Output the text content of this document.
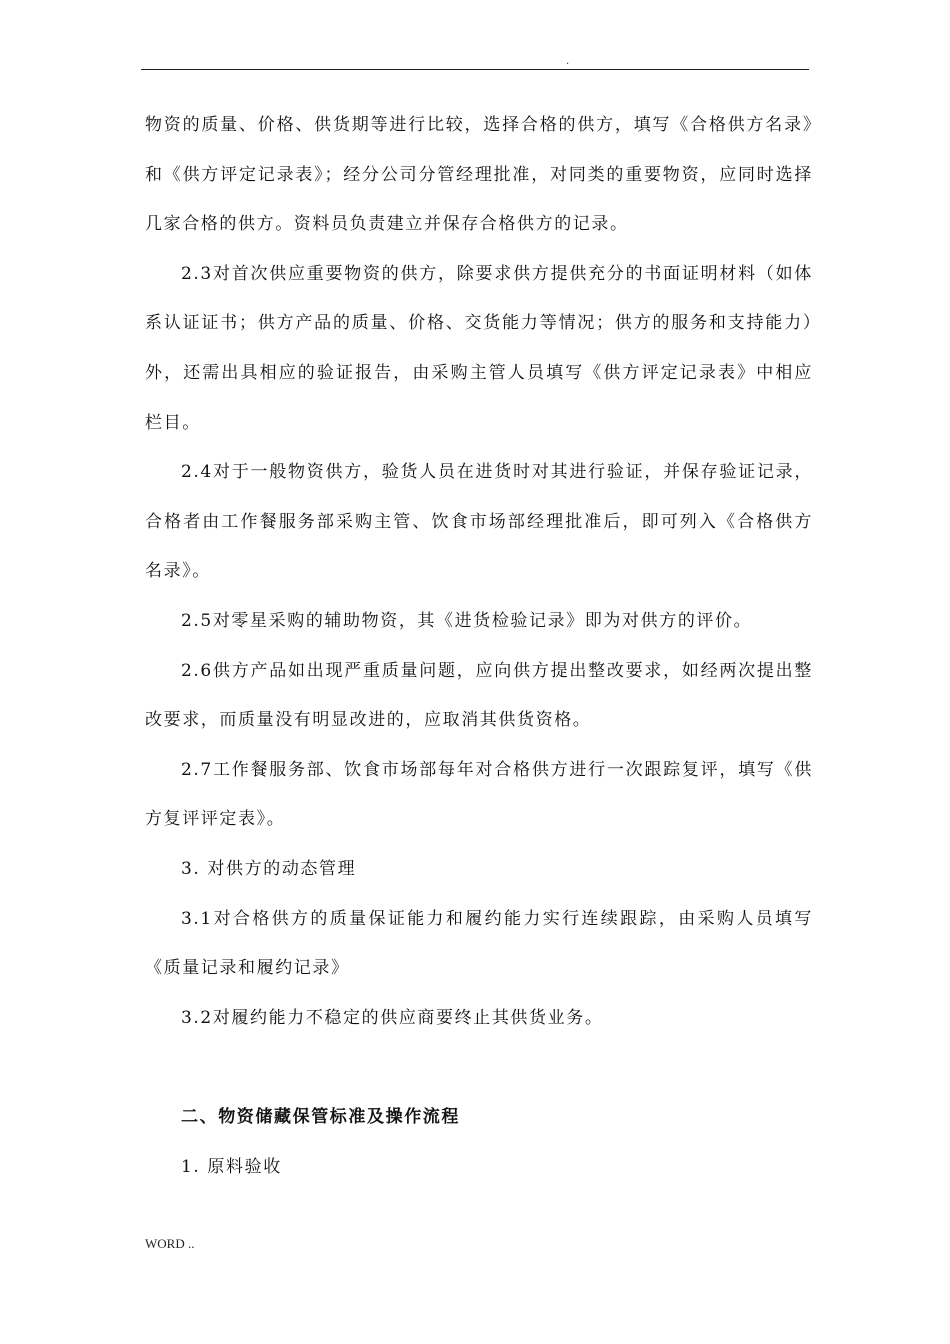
.

物资的质量、价格、供货期等进行比较，选择合格的供方，填写《合格供方名录》和《供方评定记录表》；经分公司分管经理批准，对同类的重要物资，应同时选择几家合格的供方。资料员负责建立并保存合格供方的记录。

2.3对首次供应重要物资的供方，除要求供方提供充分的书面证明材料（如体系认证证书；供方产品的质量、价格、交货能力等情况；供方的服务和支持能力）外，还需出具相应的验证报告，由采购主管人员填写《供方评定记录表》中相应栏目。

2.4对于一般物资供方，验货人员在进货时对其进行验证，并保存验证记录，合格者由工作餐服务部采购主管、饮食市场部经理批准后，即可列入《合格供方名录》。

2.5对零星采购的辅助物资，其《进货检验记录》即为对供方的评价。

2.6供方产品如出现严重质量问题，应向供方提出整改要求，如经两次提出整改要求，而质量没有明显改进的，应取消其供货资格。

2.7工作餐服务部、饮食市场部每年对合格供方进行一次跟踪复评，填写《供方复评评定表》。

3. 对供方的动态管理

3.1对合格供方的质量保证能力和履约能力实行连续跟踪，由采购人员填写《质量记录和履约记录》

3.2对履约能力不稳定的供应商要终止其供货业务。

二、物资储藏保管标准及操作流程

1. 原料验收

WORD ..
